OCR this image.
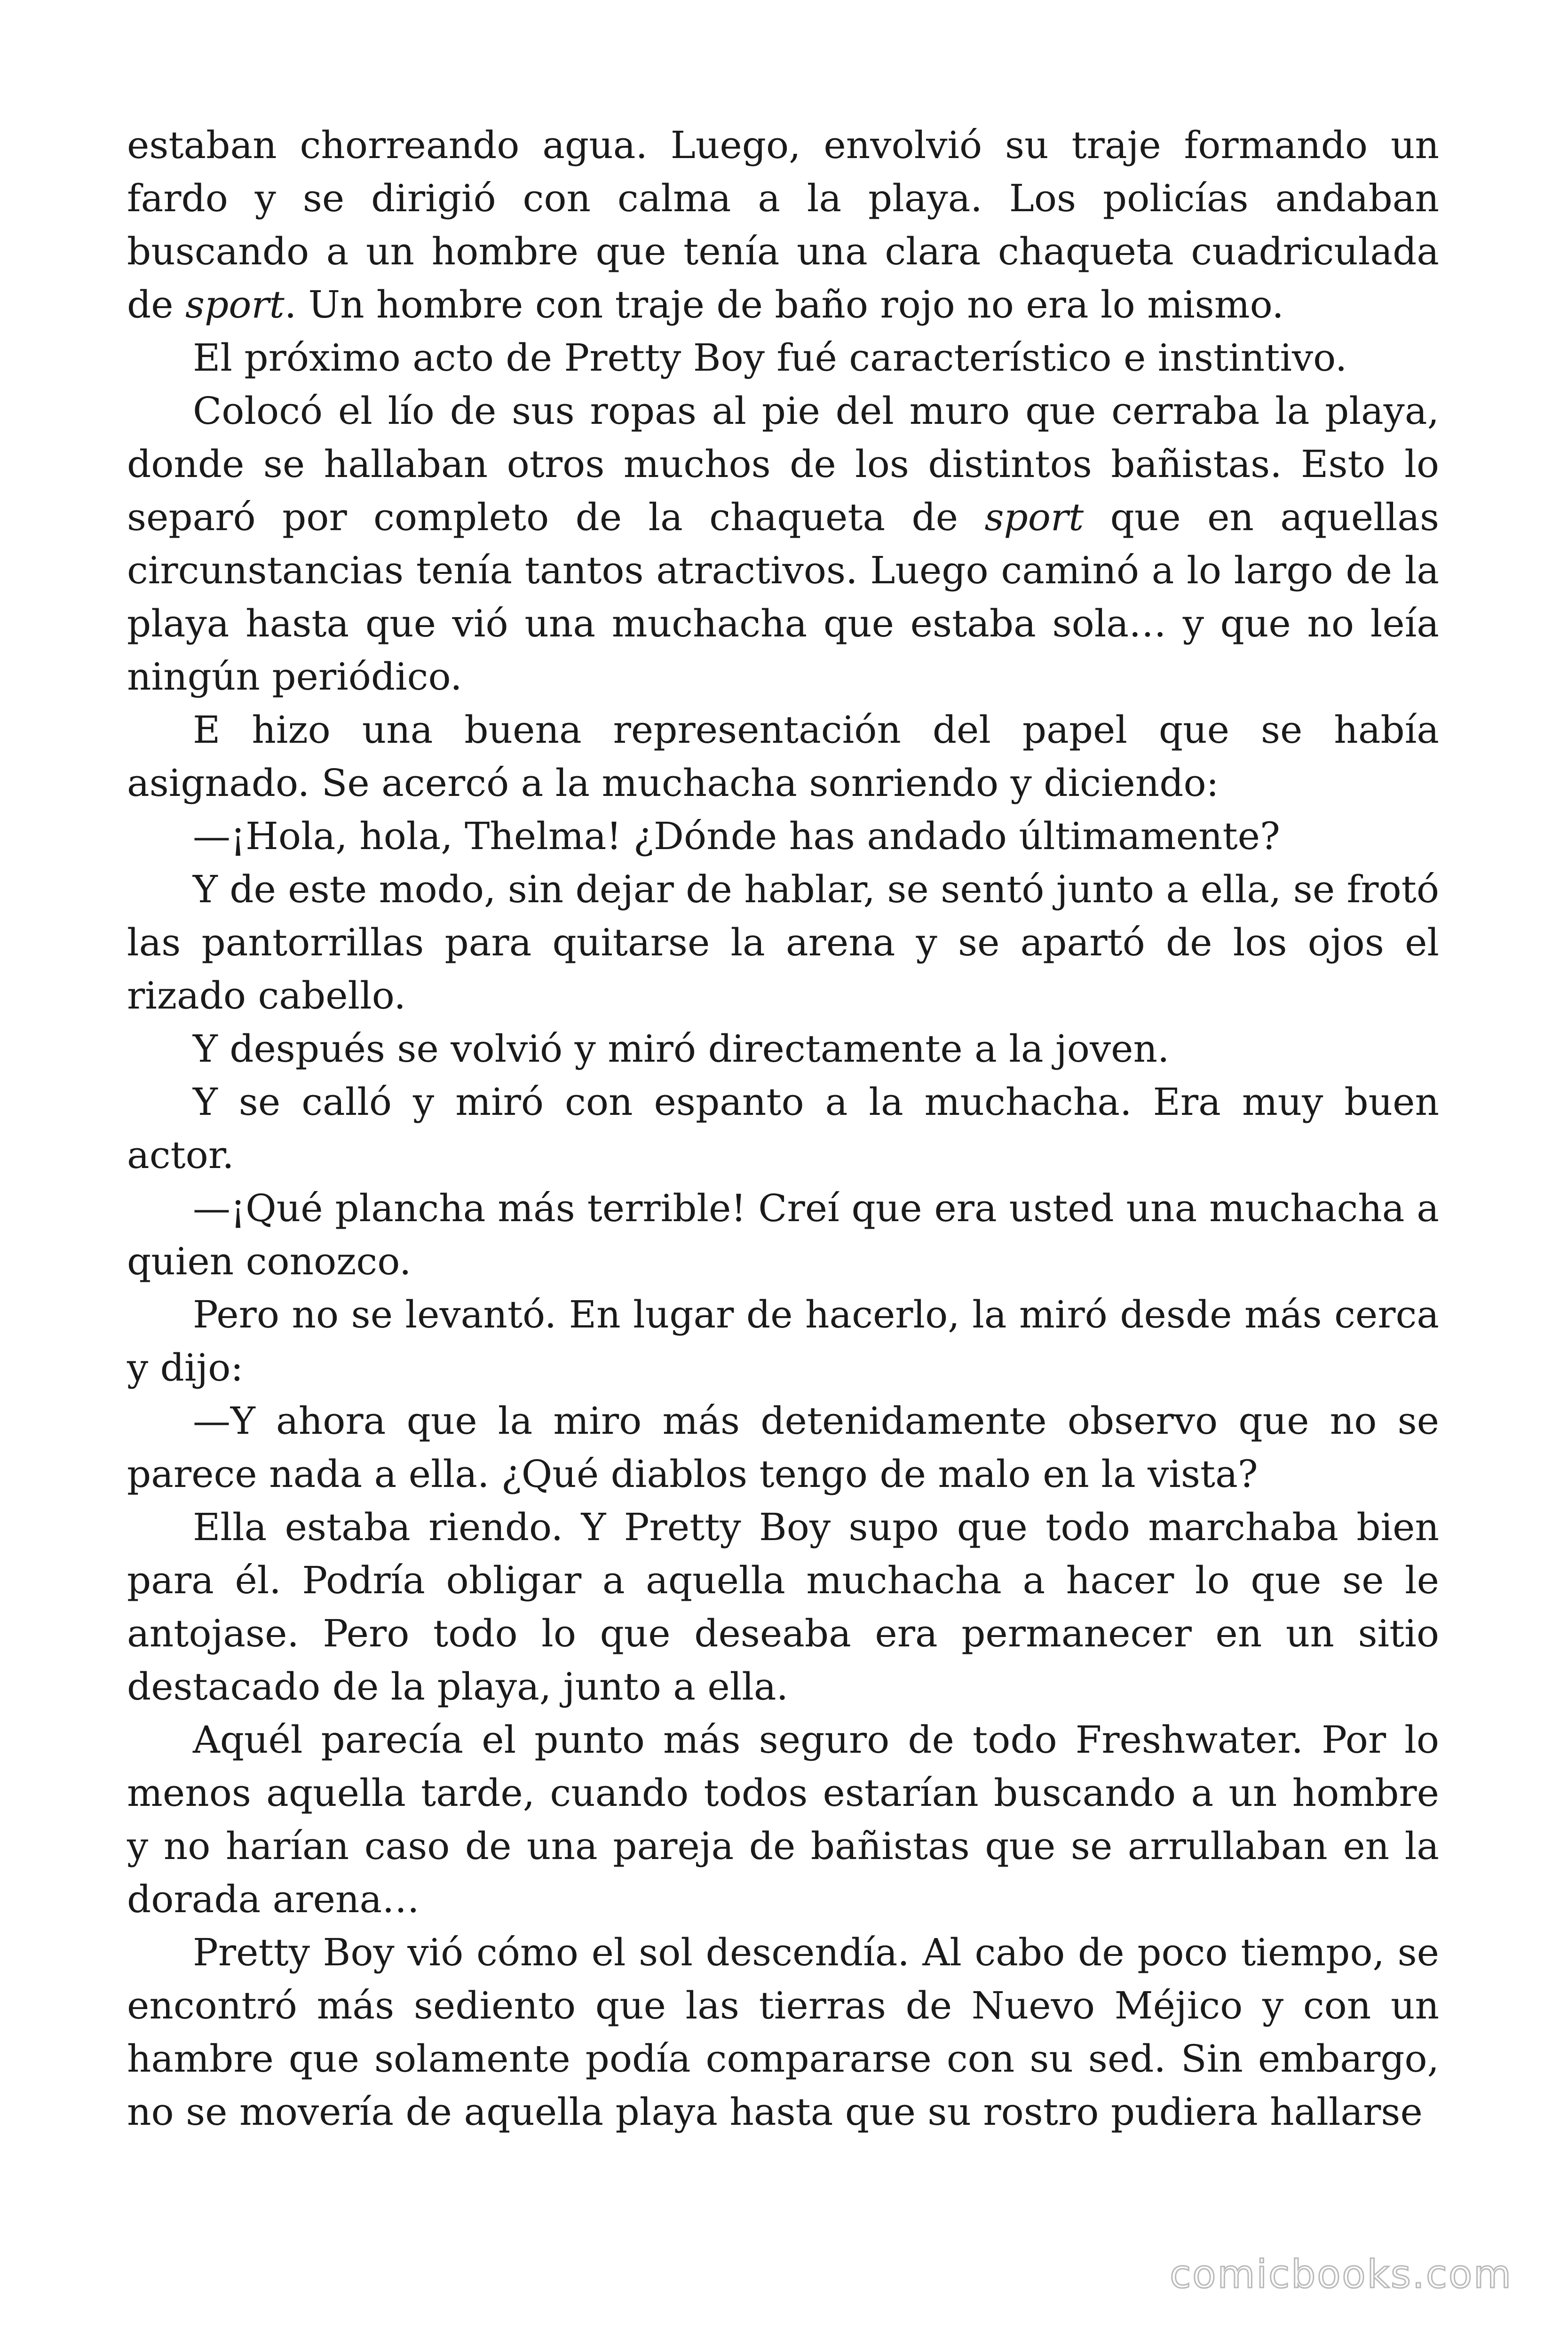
estaban chorreando agua. Luego, envolvió su traje formando un fardo y se dirigió con calma a la playa. Los policías andaban buscando a un hombre que tenía una clara chaqueta cuadriculada de sport. Un hombre con traje de baño rojo no era lo mismo.

El próximo acto de Pretty Boy fué característico e instintivo.

Colocó el lío de sus ropas al pie del muro que cerraba la playa, donde se hallaban otros muchos de los distintos bañistas. Esto lo separó por completo de la chaqueta de sport que en aquellas circunstancias tenía tantos atractivos. Luego caminó a lo largo de la playa hasta que vió una muchacha que estaba sola… y que no leía ningún periódico.

E hizo una buena representación del papel que se había asignado. Se acercó a la muchacha sonriendo y diciendo:

—¡Hola, hola, Thelma! ¿Dónde has andado últimamente?

Y de este modo, sin dejar de hablar, se sentó junto a ella, se frotó las pantorrillas para quitarse la arena y se apartó de los ojos el rizado cabello.

Y después se volvió y miró directamente a la joven.

Y se calló y miró con espanto a la muchacha. Era muy buen actor.

—¡Qué plancha más terrible! Creí que era usted una muchacha a quien conozco.

Pero no se levantó. En lugar de hacerlo, la miró desde más cerca y dijo:

—Y ahora que la miro más detenidamente observo que no se parece nada a ella. ¿Qué diablos tengo de malo en la vista?

Ella estaba riendo. Y Pretty Boy supo que todo marchaba bien para él. Podría obligar a aquella muchacha a hacer lo que se le antojase. Pero todo lo que deseaba era permanecer en un sitio destacado de la playa, junto a ella.

Aquél parecía el punto más seguro de todo Freshwater. Por lo menos aquella tarde, cuando todos estarían buscando a un hombre y no harían caso de una pareja de bañistas que se arrullaban en la dorada arena…

Pretty Boy vió cómo el sol descendía. Al cabo de poco tiempo, se encontró más sediento que las tierras de Nuevo Méjico y con un hambre que solamente podía compararse con su sed. Sin embargo, no se movería de aquella playa hasta que su rostro pudiera hallarse

comicbooks.com
